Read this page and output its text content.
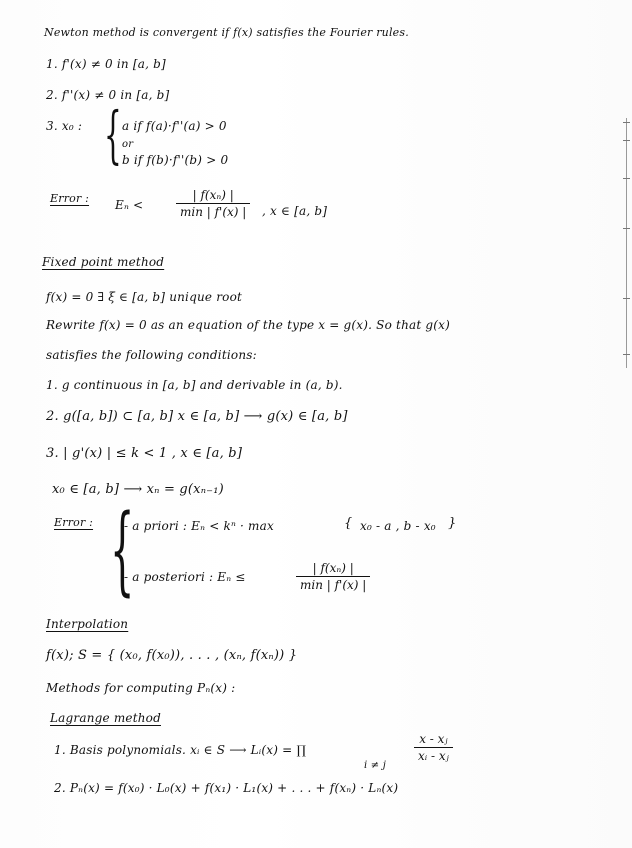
Newton method is convergent if f(x) satisfies the Fourier rules.
1. f'(x) ≠ 0 in [a, b]
2. f''(x) ≠ 0 in [a, b]
3. x₀ : { a if f(a)·f''(a) > 0
or
b if f(b)·f''(b) > 0
Error : Eₙ <
| f(xₙ) |
min | f'(x) |	, x ∈ [a, b]
Fixed point method
f(x) = 0 ∃ ξ ∈ [a, b] unique root
Rewrite f(x) = 0 as an equation of the type x = g(x). So that g(x)
satisfies the following conditions:
1. g continuous in [a, b] and derivable in (a, b).
2. g([a, b]) ⊂ [a, b] x ∈ [a, b] ⟶ g(x) ∈ [a, b]
3. | g'(x) | ≤ k < 1 , x ∈ [a, b]
x₀ ∈ [a, b] ⟶ xₙ = g(xₙ₋₁)
Error : {
- a priori : Eₙ < kⁿ · max	{ x₀ - a , b - x₀ }
- a posteriori : Eₙ ≤
| f(xₙ) |
min | f'(x) |
Interpolation
f(x); S = { (x₀, f(x₀)), . . . , (xₙ, f(xₙ)) }
Methods for computing Pₙ(x) :
Lagrange method
1. Basis polynomials. xᵢ ∈ S ⟶ Lᵢ(x) = ∏
i ≠ j
x - xⱼ
xᵢ - xⱼ
2. Pₙ(x) = f(x₀) · L₀(x) + f(x₁) · L₁(x) + . . . + f(xₙ) · Lₙ(x)
